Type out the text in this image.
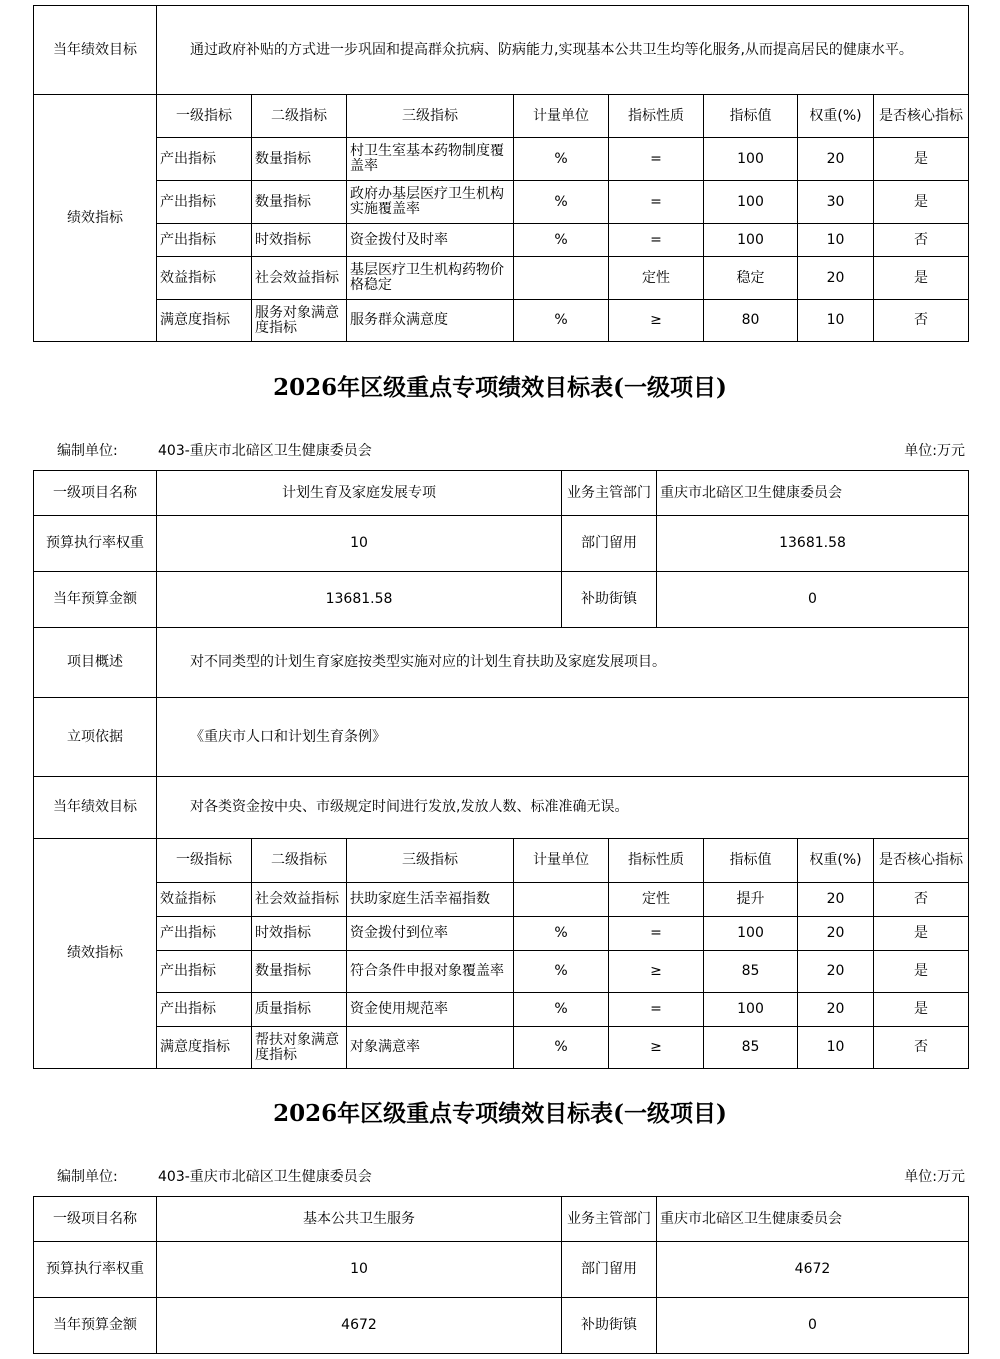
当年绩效目标	通过政府补贴的方式进一步巩固和提高群众抗病、防病能力,实现基本公共卫生均等化服务,从而提高居民的健康水平。							
绩效指标	一级指标	二级指标	三级指标	计量单位	指标性质	指标值	权重(%)	是否核心指标
	产出指标	数量指标	村卫生室基本药物制度覆盖率	%	=	100	20	是
	产出指标	数量指标	政府办基层医疗卫生机构实施覆盖率	%	=	100	30	是
	产出指标	时效指标	资金拨付及时率	%	=	100	10	否
	效益指标	社会效益指标	基层医疗卫生机构药物价格稳定		定性	稳定	20	是
	满意度指标	服务对象满意度指标	服务群众满意度	%	≥	80	10	否
2026年区级重点专项绩效目标表(一级项目)
编制单位:	403-重庆市北碚区卫生健康委员会	单位:万元
一级项目名称	计划生育及家庭发展专项	业务主管部门	重庆市北碚区卫生健康委员会
预算执行率权重	10	部门留用	13681.58
当年预算金额	13681.58	补助街镇	0
项目概述	对不同类型的计划生育家庭按类型实施对应的计划生育扶助及家庭发展项目。		
立项依据	《重庆市人口和计划生育条例》		
当年绩效目标	对各类资金按中央、市级规定时间进行发放,发放人数、标准准确无误。		
绩效指标	一级指标	二级指标	三级指标	计量单位	指标性质	指标值	权重(%)	是否核心指标
	效益指标	社会效益指标	扶助家庭生活幸福指数		定性	提升	20	否
	产出指标	时效指标	资金拨付到位率	%	=	100	20	是
	产出指标	数量指标	符合条件申报对象覆盖率	%	≥	85	20	是
	产出指标	质量指标	资金使用规范率	%	=	100	20	是
	满意度指标	帮扶对象满意度指标	对象满意率	%	≥	85	10	否
2026年区级重点专项绩效目标表(一级项目)
编制单位:	403-重庆市北碚区卫生健康委员会	单位:万元
一级项目名称	基本公共卫生服务	业务主管部门	重庆市北碚区卫生健康委员会
预算执行率权重	10	部门留用	4672
当年预算金额	4672	补助街镇	0
